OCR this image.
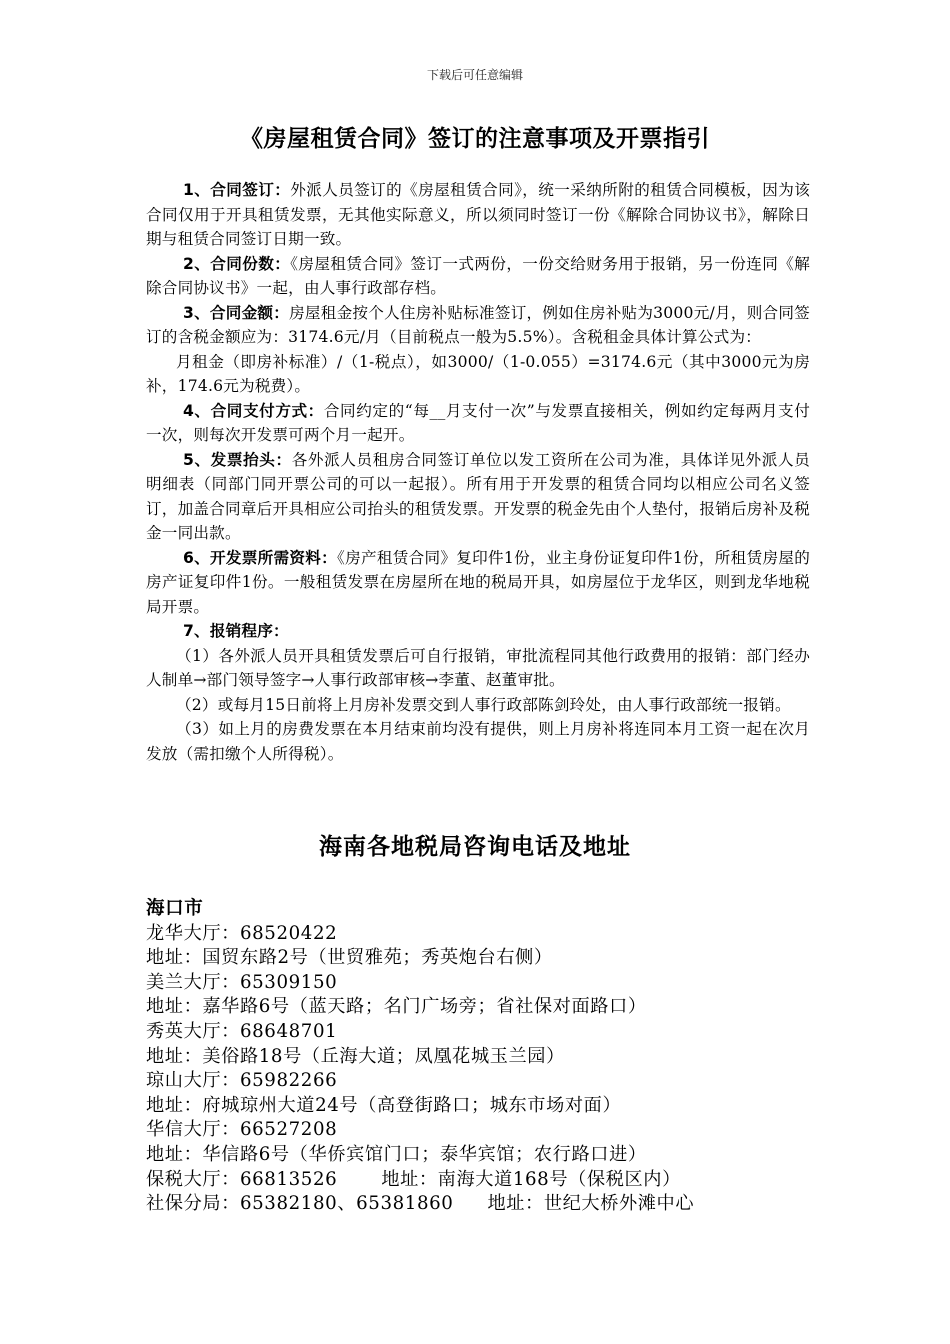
下载后可任意编辑
《房屋租赁合同》签订的注意事项及开票指引

1、合同签订：外派人员签订的《房屋租赁合同》，统一采纳所附的租赁合同模板，因为该合同仅用于开具租赁发票，无其他实际意义，所以须同时签订一份《解除合同协议书》，解除日期与租赁合同签订日期一致。

2、合同份数：《房屋租赁合同》签订一式两份，一份交给财务用于报销，另一份连同《解除合同协议书》一起，由人事行政部存档。

3、合同金额：房屋租金按个人住房补贴标准签订，例如住房补贴为3000元/月，则合同签订的含税金额应为：3174.6元/月（目前税点一般为5.5%）。含税租金具体计算公式为：

月租金（即房补标准）/（1-税点），如3000/（1-0.055）=3174.6元（其中3000元为房补，174.6元为税费）。

4、合同支付方式：合同约定的“每__月支付一次”与发票直接相关，例如约定每两月支付一次，则每次开发票可两个月一起开。

5、发票抬头：各外派人员租房合同签订单位以发工资所在公司为准，具体详见外派人员明细表（同部门同开票公司的可以一起报）。所有用于开发票的租赁合同均以相应公司名义签订，加盖合同章后开具相应公司抬头的租赁发票。开发票的税金先由个人垫付，报销后房补及税金一同出款。

6、开发票所需资料：《房产租赁合同》复印件1份，业主身份证复印件1份，所租赁房屋的房产证复印件1份。一般租赁发票在房屋所在地的税局开具，如房屋位于龙华区，则到龙华地税局开票。

7、报销程序：

（1）各外派人员开具租赁发票后可自行报销，审批流程同其他行政费用的报销：部门经办人制单→部门领导签字→人事行政部审核→李董、赵董审批。

（2）或每月15日前将上月房补发票交到人事行政部陈剑玲处，由人事行政部统一报销。

（3）如上月的房费发票在本月结束前均没有提供，则上月房补将连同本月工资一起在次月发放（需扣缴个人所得税）。

海南各地税局咨询电话及地址
海口市
龙华大厅：68520422
地址：国贸东路2号（世贸雅苑；秀英炮台右侧）
美兰大厅：65309150
地址：嘉华路6号（蓝天路；名门广场旁；省社保对面路口）
秀英大厅：68648701
地址：美俗路18号（丘海大道；凤凰花城玉兰园）
琼山大厅：65982266
地址：府城琼州大道24号（高登街路口；城东市场对面）
华信大厅：66527208
地址：华信路6号（华侨宾馆门口；泰华宾馆；农行路口进）
保税大厅：66813526 地址：南海大道168号（保税区内）
社保分局：65382180、65381860 地址：世纪大桥外滩中心
